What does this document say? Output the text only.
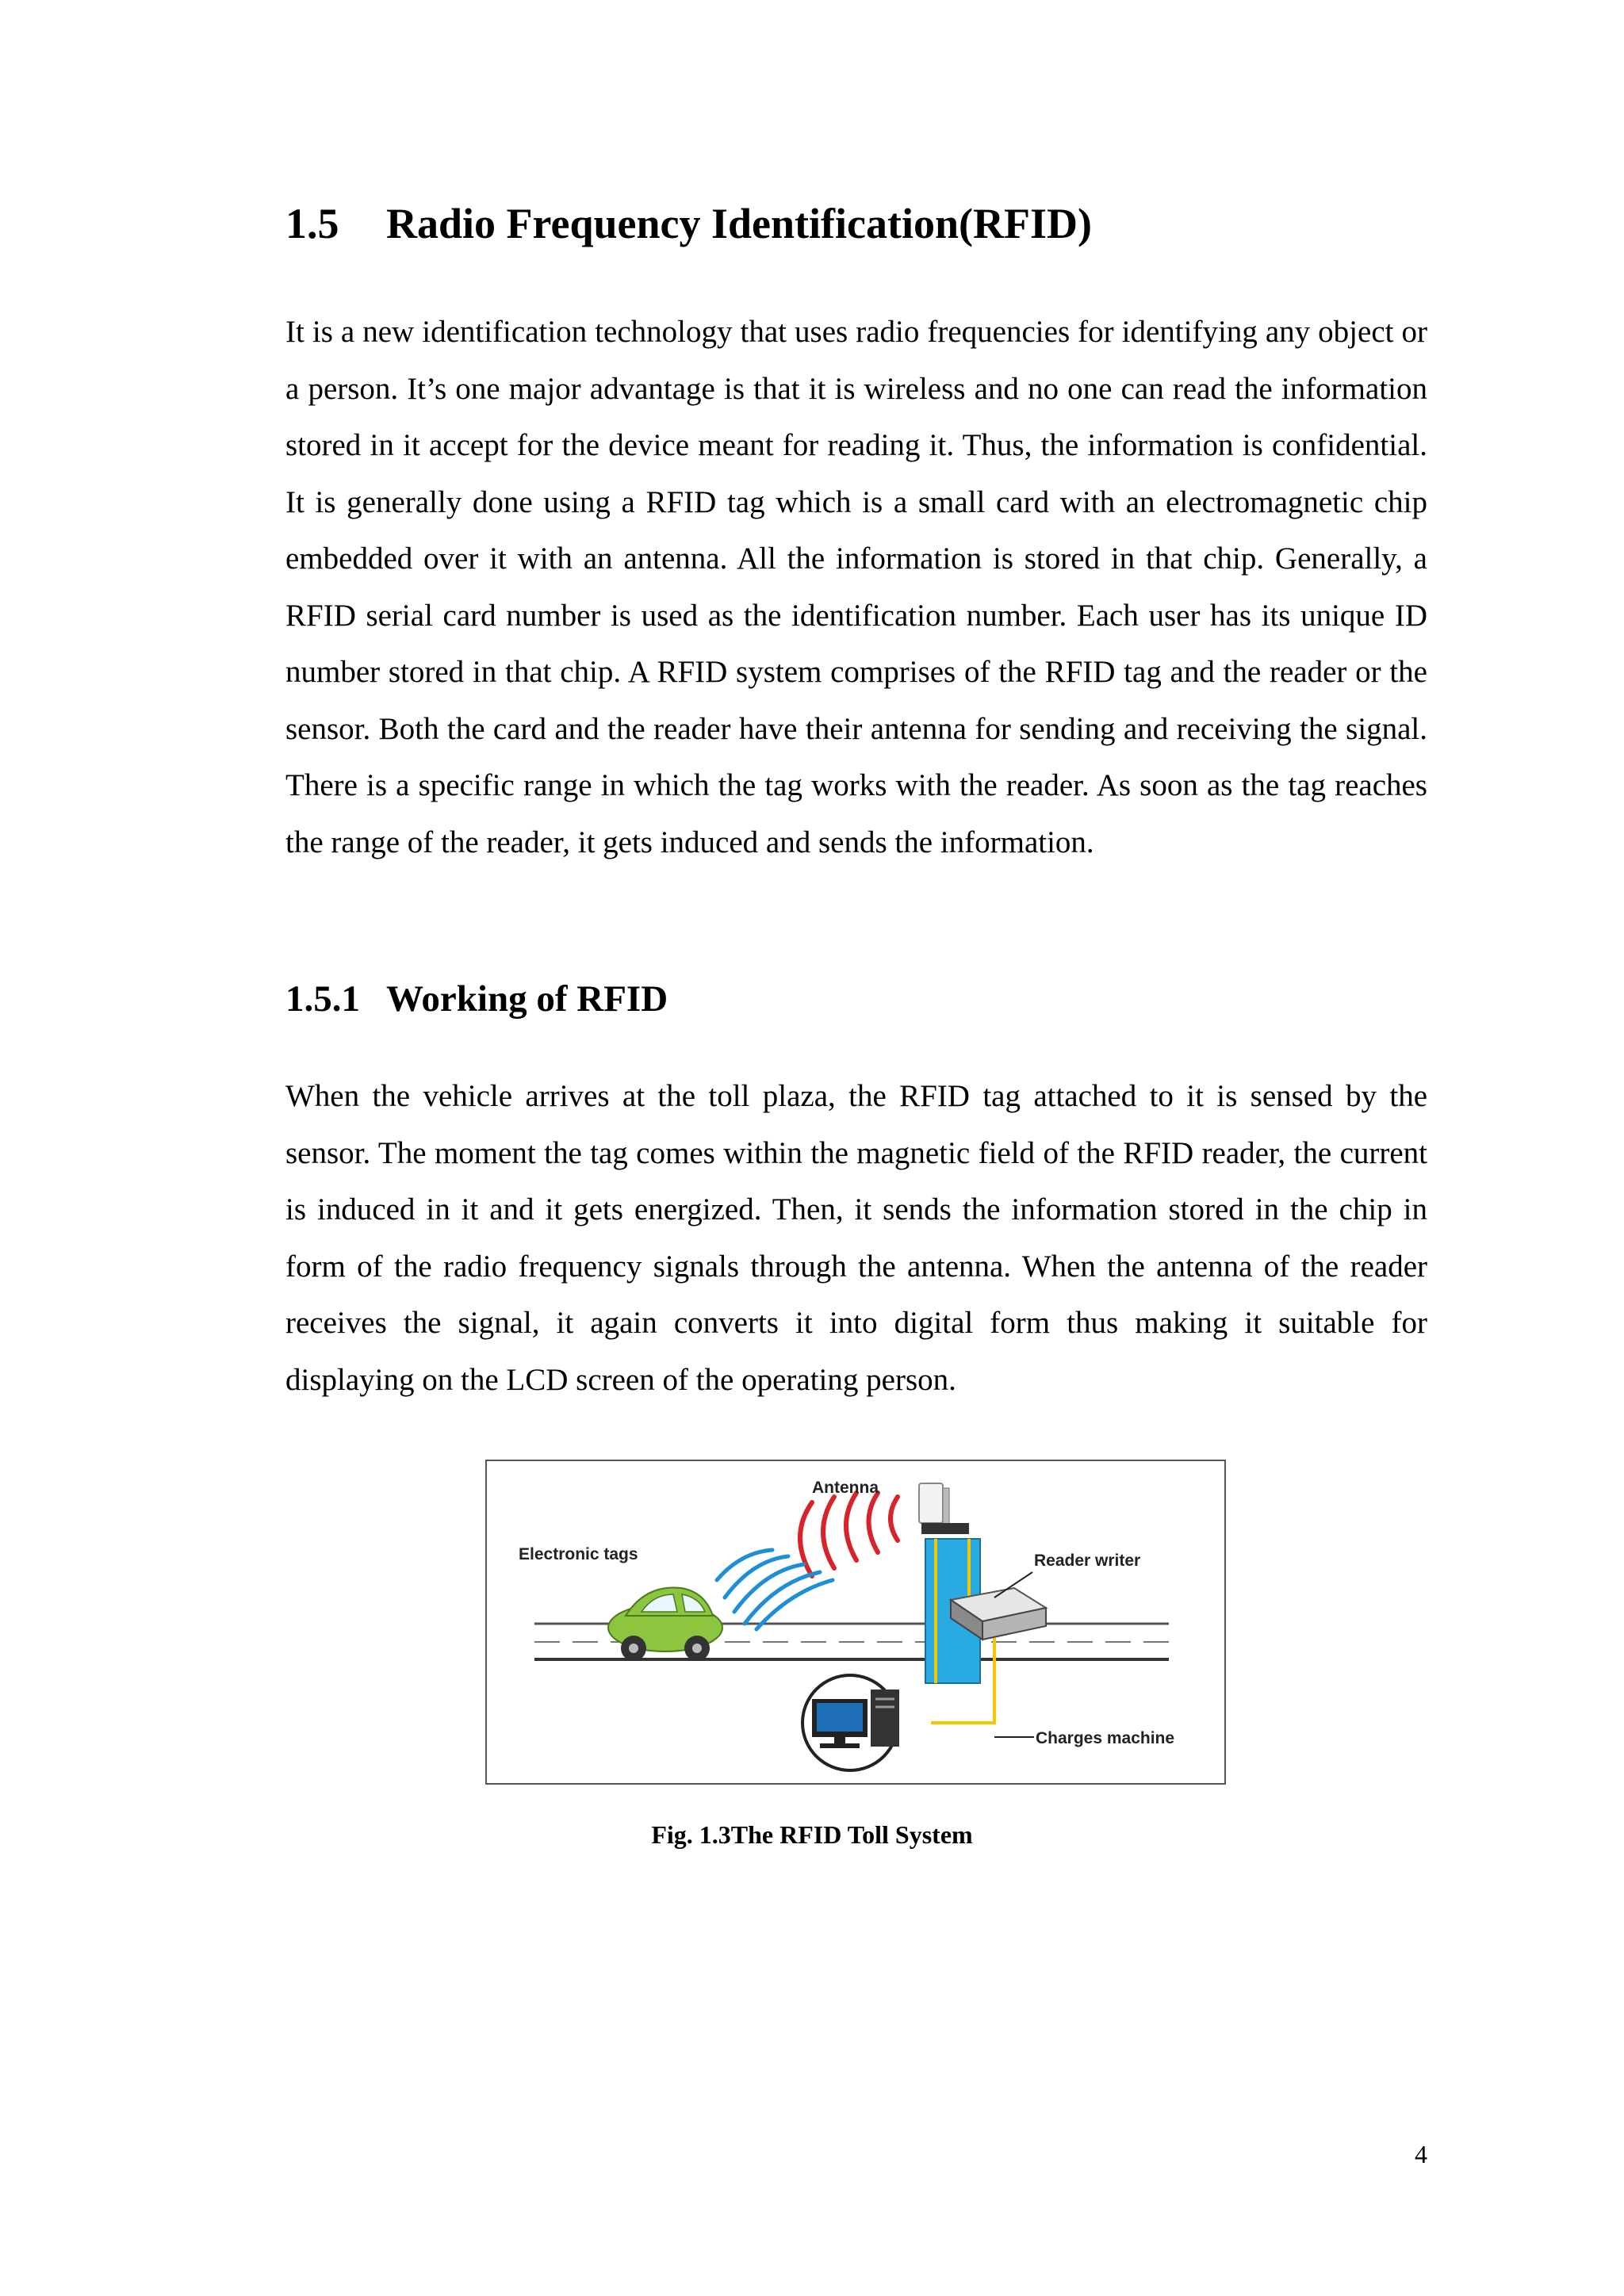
1.5 Radio Frequency Identification(RFID)

It is a new identification technology that uses radio frequencies for identifying any object or a person. It’s one major advantage is that it is wireless and no one can read the information stored in it accept for the device meant for reading it. Thus, the information is confidential. It is generally done using a RFID tag which is a small card with an electromagnetic chip embedded over it with an antenna. All the information is stored in that chip. Generally, a RFID serial card number is used as the identification number. Each user has its unique ID number stored in that chip. A RFID system comprises of the RFID tag and the reader or the sensor. Both the card and the reader have their antenna for sending and receiving the signal. There is a specific range in which the tag works with the reader. As soon as the tag reaches the range of the reader, it gets induced and sends the information.

1.5.1 Working of RFID

When the vehicle arrives at the toll plaza, the RFID tag attached to it is sensed by the sensor. The moment the tag comes within the magnetic field of the RFID reader, the current is induced in it and it gets energized. Then, it sends the information stored in the chip in form of the radio frequency signals through the antenna. When the antenna of the reader receives the signal, it again converts it into digital form thus making it suitable for displaying on the LCD screen of the operating person.

Antenna
Electronic tags	Reader writer
Charges machine

Fig. 1.3The RFID Toll System

4
